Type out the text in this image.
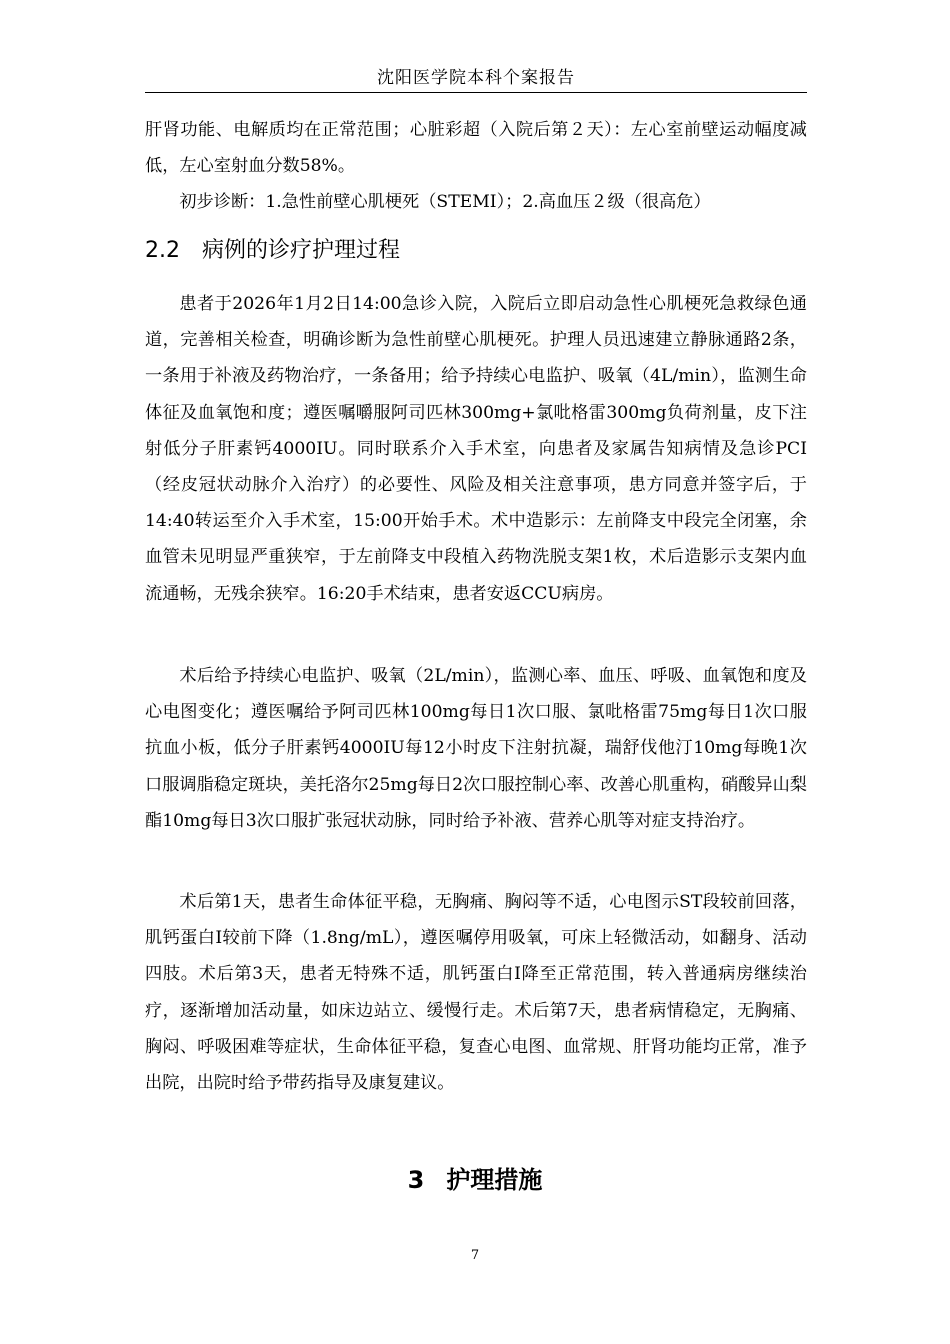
沈阳医学院本科个案报告

肝肾功能、电解质均在正常范围；心脏彩超（入院后第２天）：左心室前壁运动幅度减低，左心室射血分数58%。

初步诊断：1.急性前壁心肌梗死（STEMI）；2.高血压２级（很高危）

2.2 病例的诊疗护理过程

患者于2026年1月2日14:00急诊入院，入院后立即启动急性心肌梗死急救绿色通道，完善相关检查，明确诊断为急性前壁心肌梗死。护理人员迅速建立静脉通路2条，一条用于补液及药物治疗，一条备用；给予持续心电监护、吸氧（4L/min），监测生命体征及血氧饱和度；遵医嘱嚼服阿司匹林300mg+氯吡格雷300mg负荷剂量，皮下注射低分子肝素钙4000IU。同时联系介入手术室，向患者及家属告知病情及急诊PCI（经皮冠状动脉介入治疗）的必要性、风险及相关注意事项，患方同意并签字后，于14:40转运至介入手术室，15:00开始手术。术中造影示：左前降支中段完全闭塞，余血管未见明显严重狭窄，于左前降支中段植入药物洗脱支架1枚，术后造影示支架内血流通畅，无残余狭窄。16:20手术结束，患者安返CCU病房。

术后给予持续心电监护、吸氧（2L/min），监测心率、血压、呼吸、血氧饱和度及心电图变化；遵医嘱给予阿司匹林100mg每日1次口服、氯吡格雷75mg每日1次口服抗血小板，低分子肝素钙4000IU每12小时皮下注射抗凝，瑞舒伐他汀10mg每晚1次口服调脂稳定斑块，美托洛尔25mg每日2次口服控制心率、改善心肌重构，硝酸异山梨酯10mg每日3次口服扩张冠状动脉，同时给予补液、营养心肌等对症支持治疗。

术后第1天，患者生命体征平稳，无胸痛、胸闷等不适，心电图示ST段较前回落，肌钙蛋白I较前下降（1.8ng/mL），遵医嘱停用吸氧，可床上轻微活动，如翻身、活动四肢。术后第3天，患者无特殊不适，肌钙蛋白I降至正常范围，转入普通病房继续治疗，逐渐增加活动量，如床边站立、缓慢行走。术后第7天，患者病情稳定，无胸痛、胸闷、呼吸困难等症状，生命体征平稳，复查心电图、血常规、肝肾功能均正常，准予出院，出院时给予带药指导及康复建议。

3 护理措施
7
